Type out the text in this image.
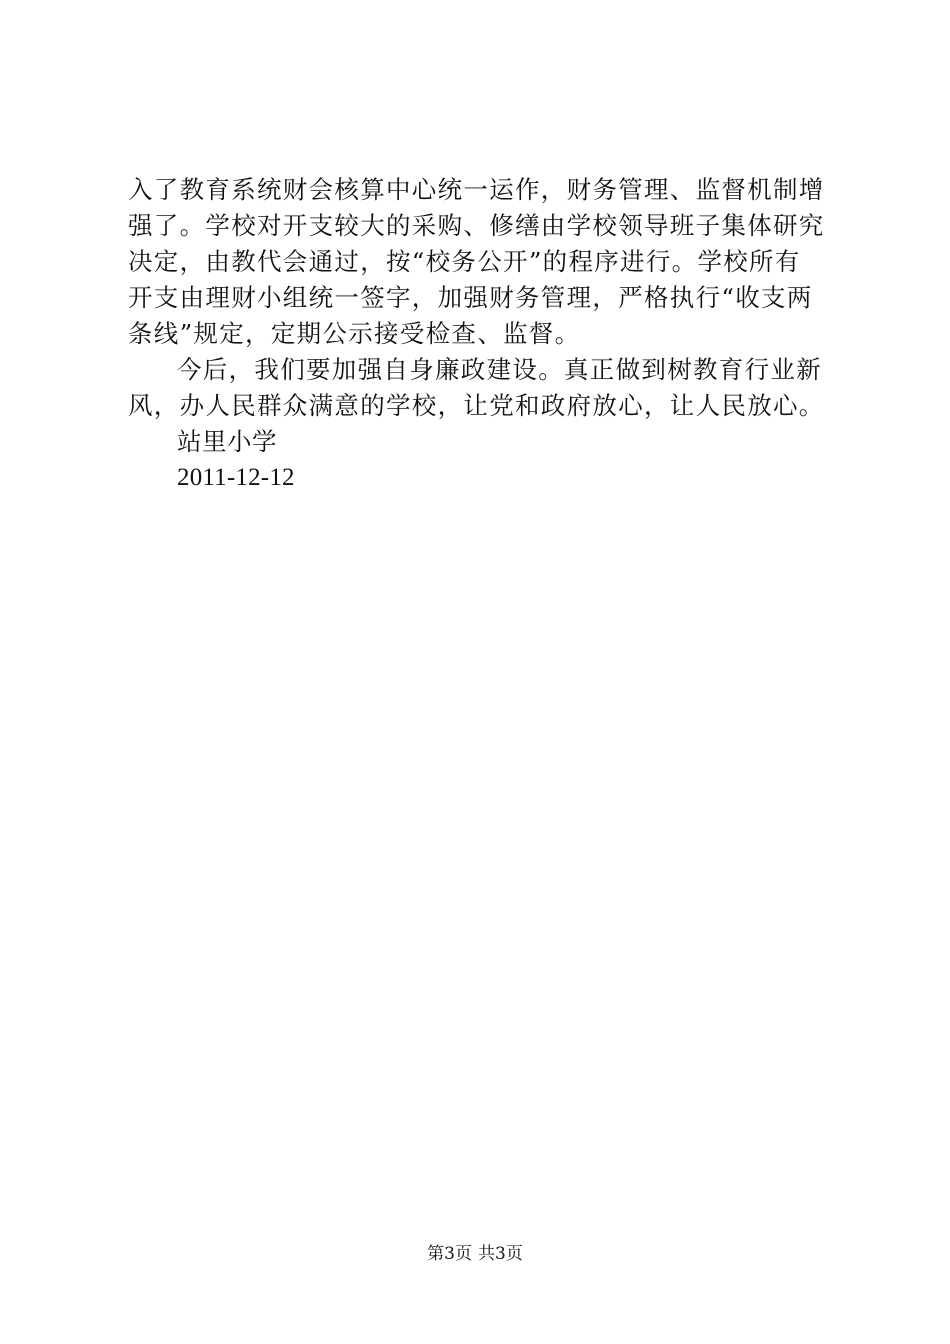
入了教育系统财会核算中心统一运作，财务管理、监督机制增
强了。学校对开支较大的采购、修缮由学校领导班子集体研究
决定，由教代会通过，按“校务公开”的程序进行。学校所有
开支由理财小组统一签字，加强财务管理，严格执行“收支两
条线”规定，定期公示接受检查、监督。
今后，我们要加强自身廉政建设。真正做到树教育行业新
风，办人民群众满意的学校，让党和政府放心，让人民放心。
站里小学
2011-12-12
第3页 共3页
